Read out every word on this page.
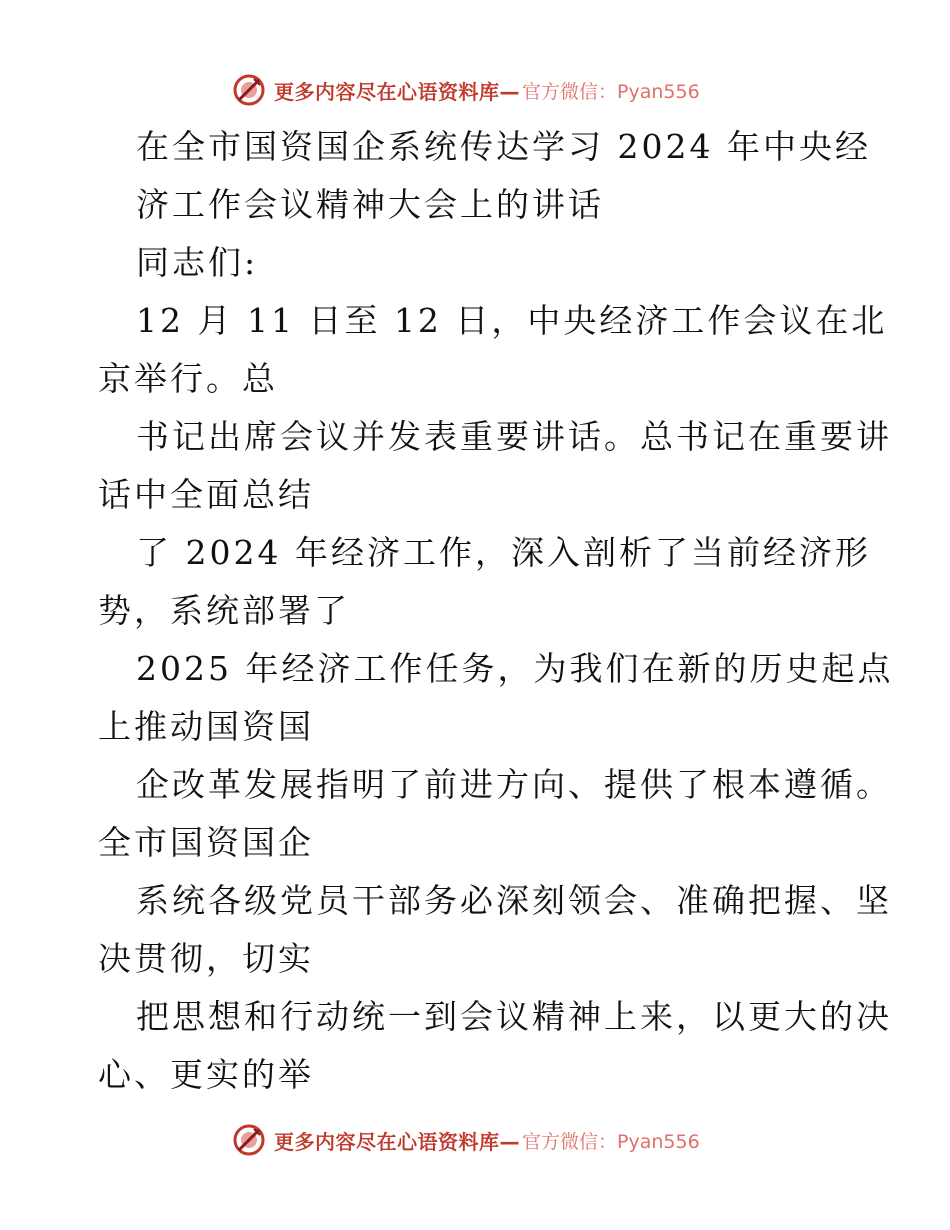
更多内容尽在心语资料库— 官方微信：Pyan556
在全市国资国企系统传达学习 2024 年中央经
济工作会议精神大会上的讲话
同志们:
12 月 11 日至 12 日，中央经济工作会议在北
京举行。总
书记出席会议并发表重要讲话。总书记在重要讲
话中全面总结
了 2024 年经济工作，深入剖析了当前经济形
势，系统部署了
2025 年经济工作任务，为我们在新的历史起点
上推动国资国
企改革发展指明了前进方向、提供了根本遵循。
全市国资国企
系统各级党员干部务必深刻领会、准确把握、坚
决贯彻，切实
把思想和行动统一到会议精神上来，以更大的决
心、更实的举
更多内容尽在心语资料库— 官方微信：Pyan556
